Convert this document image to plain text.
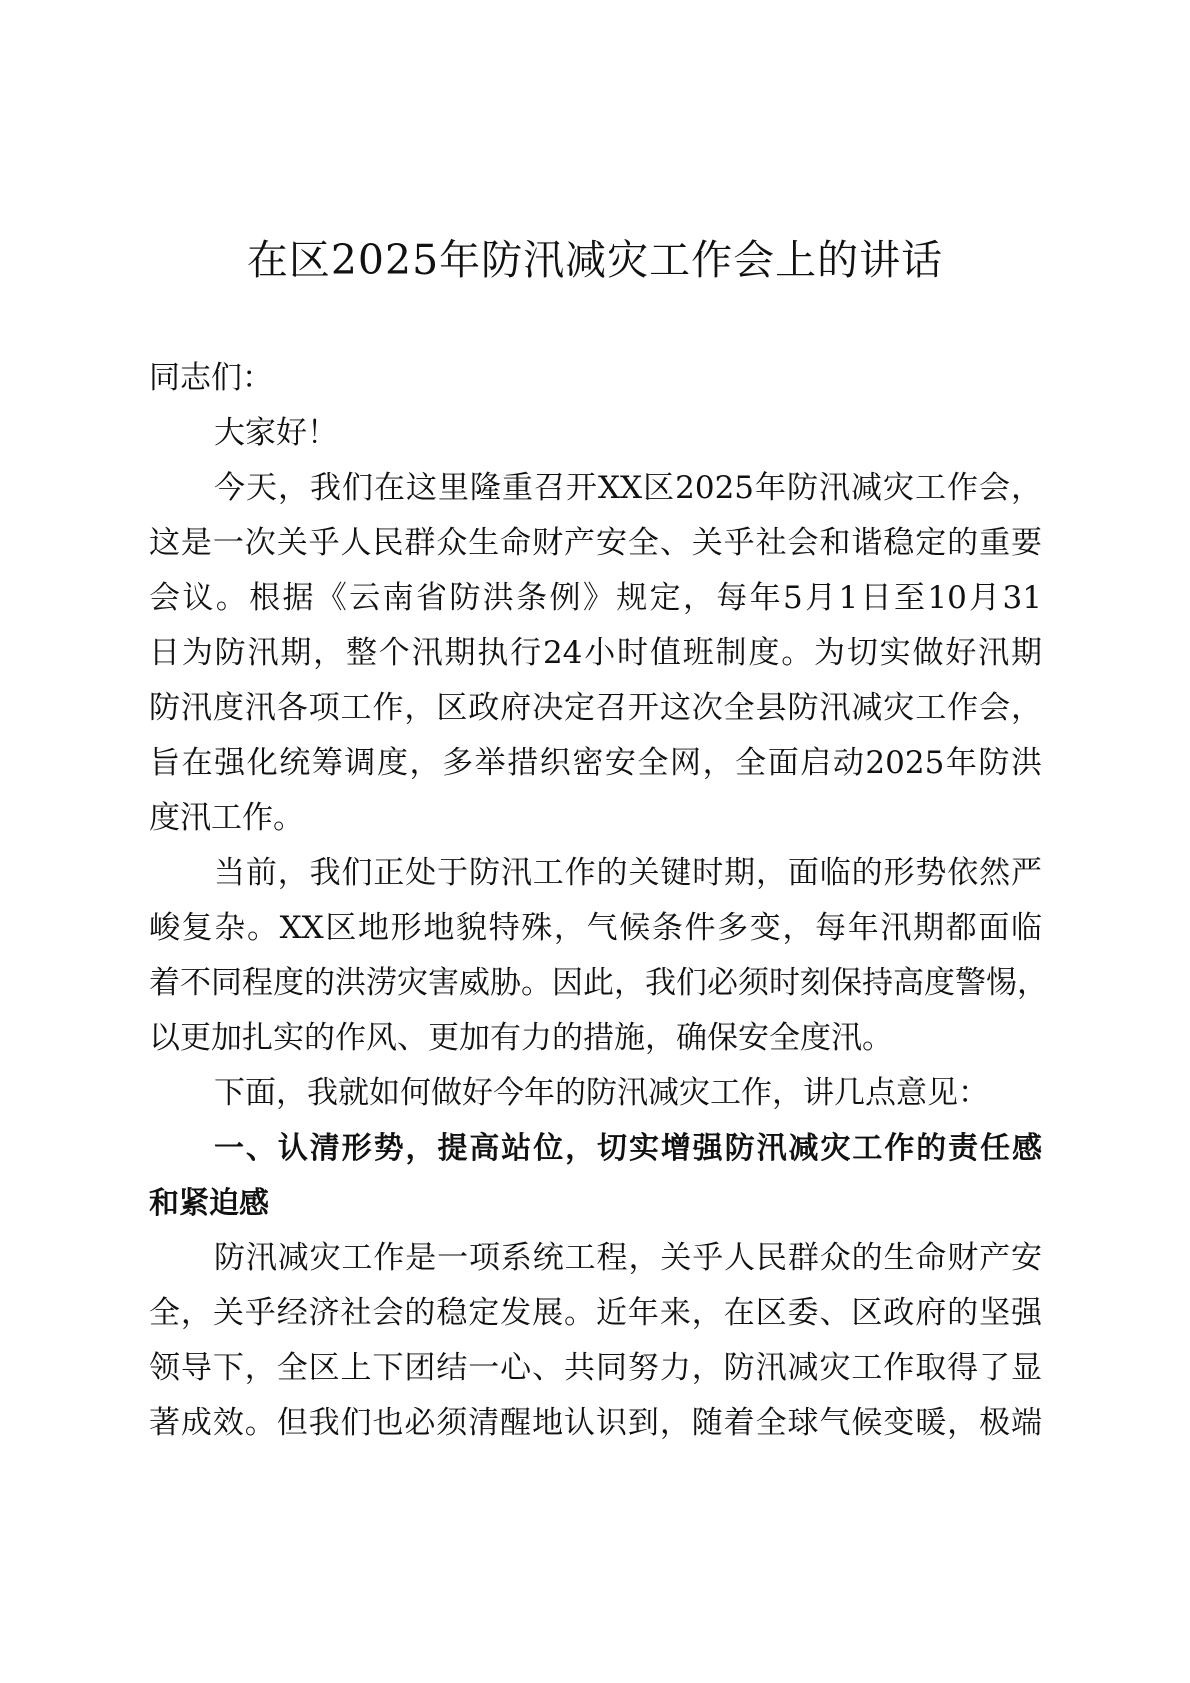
在区2025年防汛减灾工作会上的讲话
同志们：
大家好！
今天，我们在这里隆重召开XX区2025年防汛减灾工作会，
这是一次关乎人民群众生命财产安全、关乎社会和谐稳定的重要
会议。根据《云南省防洪条例》规定，每年5月1日至10月31
日为防汛期，整个汛期执行24小时值班制度。为切实做好汛期
防汛度汛各项工作，区政府决定召开这次全县防汛减灾工作会，
旨在强化统筹调度，多举措织密安全网，全面启动2025年防洪
度汛工作。
当前，我们正处于防汛工作的关键时期，面临的形势依然严
峻复杂。XX区地形地貌特殊，气候条件多变，每年汛期都面临
着不同程度的洪涝灾害威胁。因此，我们必须时刻保持高度警惕，
以更加扎实的作风、更加有力的措施，确保安全度汛。
下面，我就如何做好今年的防汛减灾工作，讲几点意见：
一、认清形势，提高站位，切实增强防汛减灾工作的责任感
和紧迫感
防汛减灾工作是一项系统工程，关乎人民群众的生命财产安
全，关乎经济社会的稳定发展。近年来，在区委、区政府的坚强
领导下，全区上下团结一心、共同努力，防汛减灾工作取得了显
著成效。但我们也必须清醒地认识到，随着全球气候变暖，极端
